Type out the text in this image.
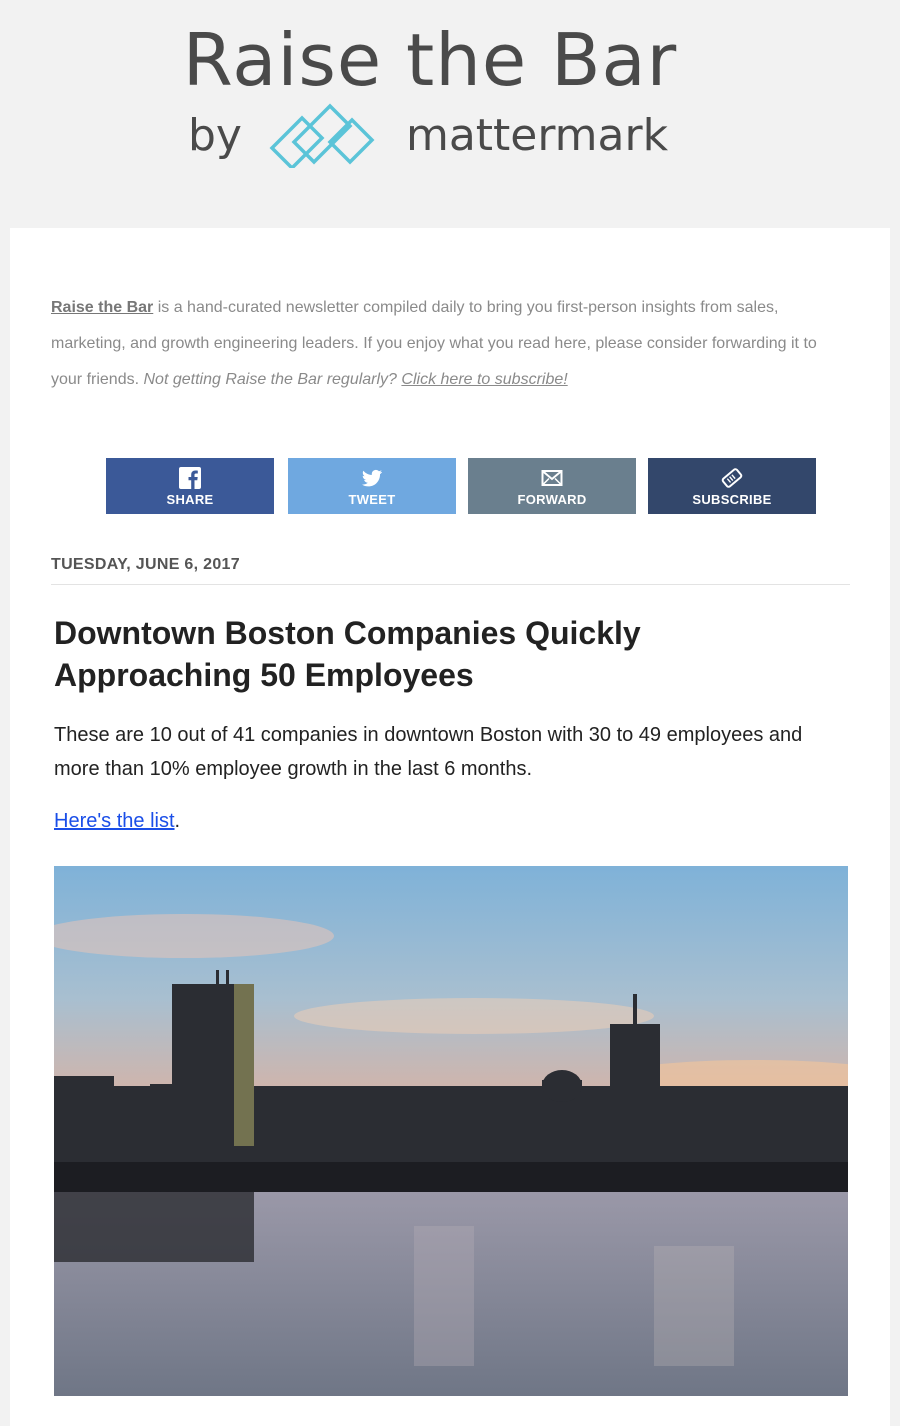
Raise the Bar
by	mattermark
Raise the Bar is a hand-curated newsletter compiled daily to bring you first-person insights from sales, marketing, and growth engineering leaders. If you enjoy what you read here, please consider forwarding it to your friends. Not getting Raise the Bar regularly? Click here to subscribe!
SHARE	TWEET	FORWARD	SUBSCRIBE
TUESDAY, JUNE 6, 2017
Downtown Boston Companies Quickly Approaching 50 Employees

These are 10 out of 41 companies in downtown Boston with 30 to 49 employees and more than 10% employee growth in the last 6 months.

Here's the list.
